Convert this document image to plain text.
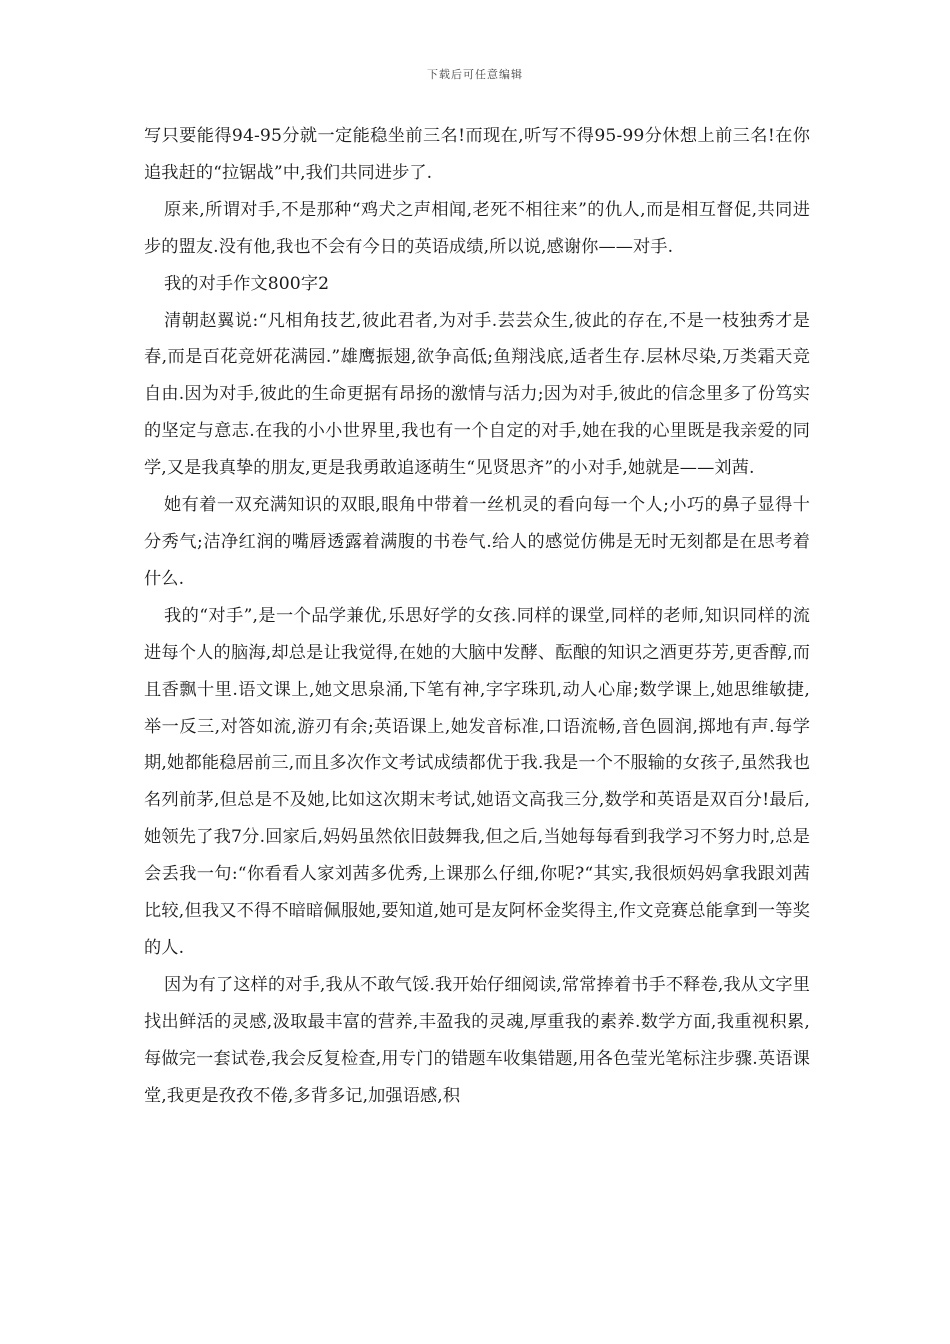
下载后可任意编辑

写只要能得94-95分就一定能稳坐前三名!而现在,听写不得95-99分休想上前三名!在你追我赶的“拉锯战”中,我们共同进步了.

原来,所谓对手,不是那种“鸡犬之声相闻,老死不相往来”的仇人,而是相互督促,共同进步的盟友.没有他,我也不会有今日的英语成绩,所以说,感谢你——对手.

我的对手作文800字2

清朝赵翼说:“凡相角技艺,彼此君者,为对手.芸芸众生,彼此的存在,不是一枝独秀才是春,而是百花竞妍花满园.”雄鹰振翅,欲争高低;鱼翔浅底,适者生存.层林尽染,万类霜天竞自由.因为对手,彼此的生命更据有昂扬的激情与活力;因为对手,彼此的信念里多了份笃实的坚定与意志.在我的小小世界里,我也有一个自定的对手,她在我的心里既是我亲爱的同学,又是我真挚的朋友,更是我勇敢追逐萌生“见贤思齐”的小对手,她就是——刘茜.

她有着一双充满知识的双眼,眼角中带着一丝机灵的看向每一个人;小巧的鼻子显得十分秀气;洁净红润的嘴唇透露着满腹的书卷气.给人的感觉仿佛是无时无刻都是在思考着什么.

我的“对手”,是一个品学兼优,乐思好学的女孩.同样的课堂,同样的老师,知识同样的流进每个人的脑海,却总是让我觉得,在她的大脑中发酵、酝酿的知识之酒更芬芳,更香醇,而且香飘十里.语文课上,她文思泉涌,下笔有神,字字珠玑,动人心扉;数学课上,她思维敏捷,举一反三,对答如流,游刃有余;英语课上,她发音标准,口语流畅,音色圆润,掷地有声.每学期,她都能稳居前三,而且多次作文考试成绩都优于我.我是一个不服输的女孩子,虽然我也名列前茅,但总是不及她,比如这次期末考试,她语文高我三分,数学和英语是双百分!最后,她领先了我7分.回家后,妈妈虽然依旧鼓舞我,但之后,当她每每看到我学习不努力时,总是会丢我一句:“你看看人家刘茜多优秀,上课那么仔细,你呢?“其实,我很烦妈妈拿我跟刘茜比较,但我又不得不暗暗佩服她,要知道,她可是友阿杯金奖得主,作文竞赛总能拿到一等奖的人.

因为有了这样的对手,我从不敢气馁.我开始仔细阅读,常常捧着书手不释卷,我从文字里找出鲜活的灵感,汲取最丰富的营养,丰盈我的灵魂,厚重我的素养.数学方面,我重视积累,每做完一套试卷,我会反复检查,用专门的错题车收集错题,用各色莹光笔标注步骤.英语课堂,我更是孜孜不倦,多背多记,加强语感,积
